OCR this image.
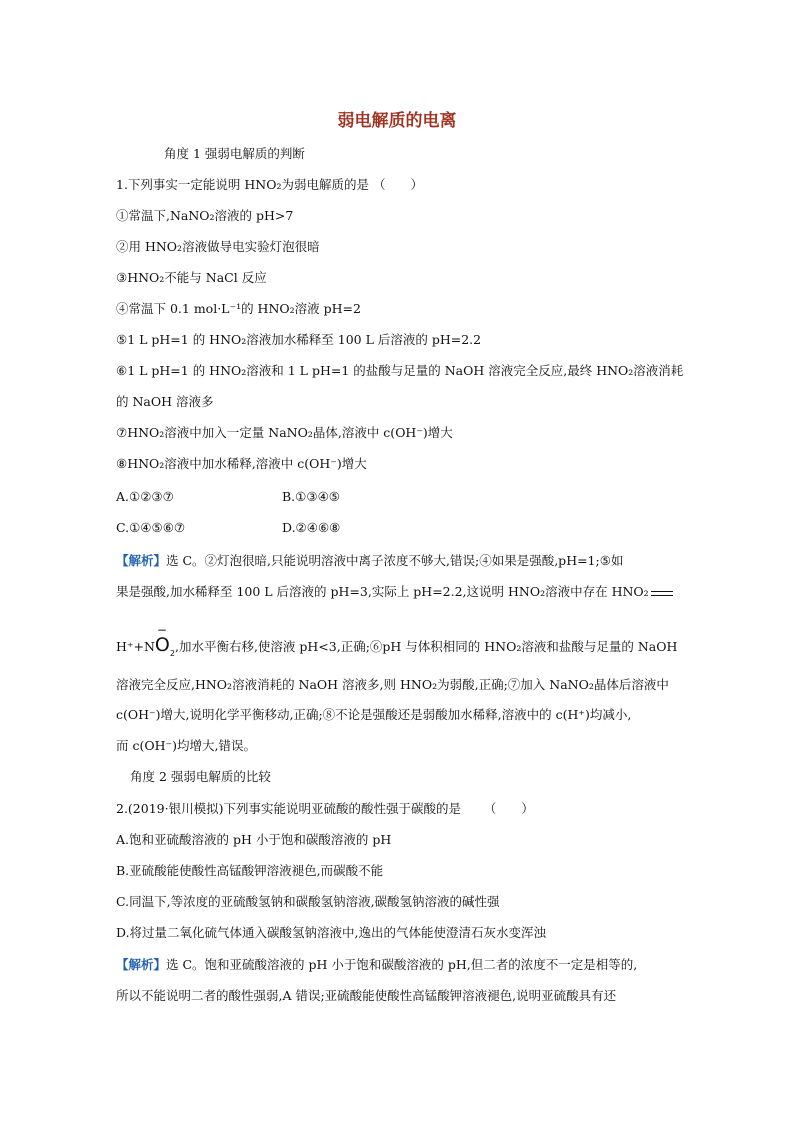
弱电解质的电离
角度 1 强弱电解质的判断
1.下列事实一定能说明 HNO₂为弱电解质的是 （　　）
①常温下,NaNO₂溶液的 pH>7
②用 HNO₂溶液做导电实验灯泡很暗
③HNO₂不能与 NaCl 反应
④常温下 0.1 mol·L⁻¹的 HNO₂溶液 pH=2
⑤1 L pH=1 的 HNO₂溶液加水稀释至 100 L 后溶液的 pH=2.2
⑥1 L pH=1 的 HNO₂溶液和 1 L pH=1 的盐酸与足量的 NaOH 溶液完全反应,最终 HNO₂溶液消耗
的 NaOH 溶液多
⑦HNO₂溶液中加入一定量 NaNO₂晶体,溶液中 c(OH⁻)增大
⑧HNO₂溶液中加水稀释,溶液中 c(OH⁻)增大
A.①②③⑦	B.①③④⑤
C.①④⑤⑥⑦	D.②④⑥⑧
【解析】选 C。②灯泡很暗,只能说明溶液中离子浓度不够大,错误;④如果是强酸,pH=1;⑤如
果是强酸,加水稀释至 100 L 后溶液的 pH=3,实际上 pH=2.2,这说明 HNO₂溶液中存在 HNO₂
H⁺+N
−
$O_2$,加水平衡右移,使溶液 pH<3,正确;⑥pH 与体积相同的 HNO₂溶液和盐酸与足量的 NaOH
溶液完全反应,HNO₂溶液消耗的 NaOH 溶液多,则 HNO₂为弱酸,正确;⑦加入 NaNO₂晶体后溶液中
c(OH⁻)增大,说明化学平衡移动,正确;⑧不论是强酸还是弱酸加水稀释,溶液中的 c(H⁺)均减小,
而 c(OH⁻)均增大,错误。
角度 2 强弱电解质的比较
2.(2019·银川模拟)下列事实能说明亚硫酸的酸性强于碳酸的是 　　（　　）
A.饱和亚硫酸溶液的 pH 小于饱和碳酸溶液的 pH
B.亚硫酸能使酸性高锰酸钾溶液褪色,而碳酸不能
C.同温下,等浓度的亚硫酸氢钠和碳酸氢钠溶液,碳酸氢钠溶液的碱性强
D.将过量二氧化硫气体通入碳酸氢钠溶液中,逸出的气体能使澄清石灰水变浑浊
【解析】选 C。饱和亚硫酸溶液的 pH 小于饱和碳酸溶液的 pH,但二者的浓度不一定是相等的,
所以不能说明二者的酸性强弱,A 错误;亚硫酸能使酸性高锰酸钾溶液褪色,说明亚硫酸具有还
